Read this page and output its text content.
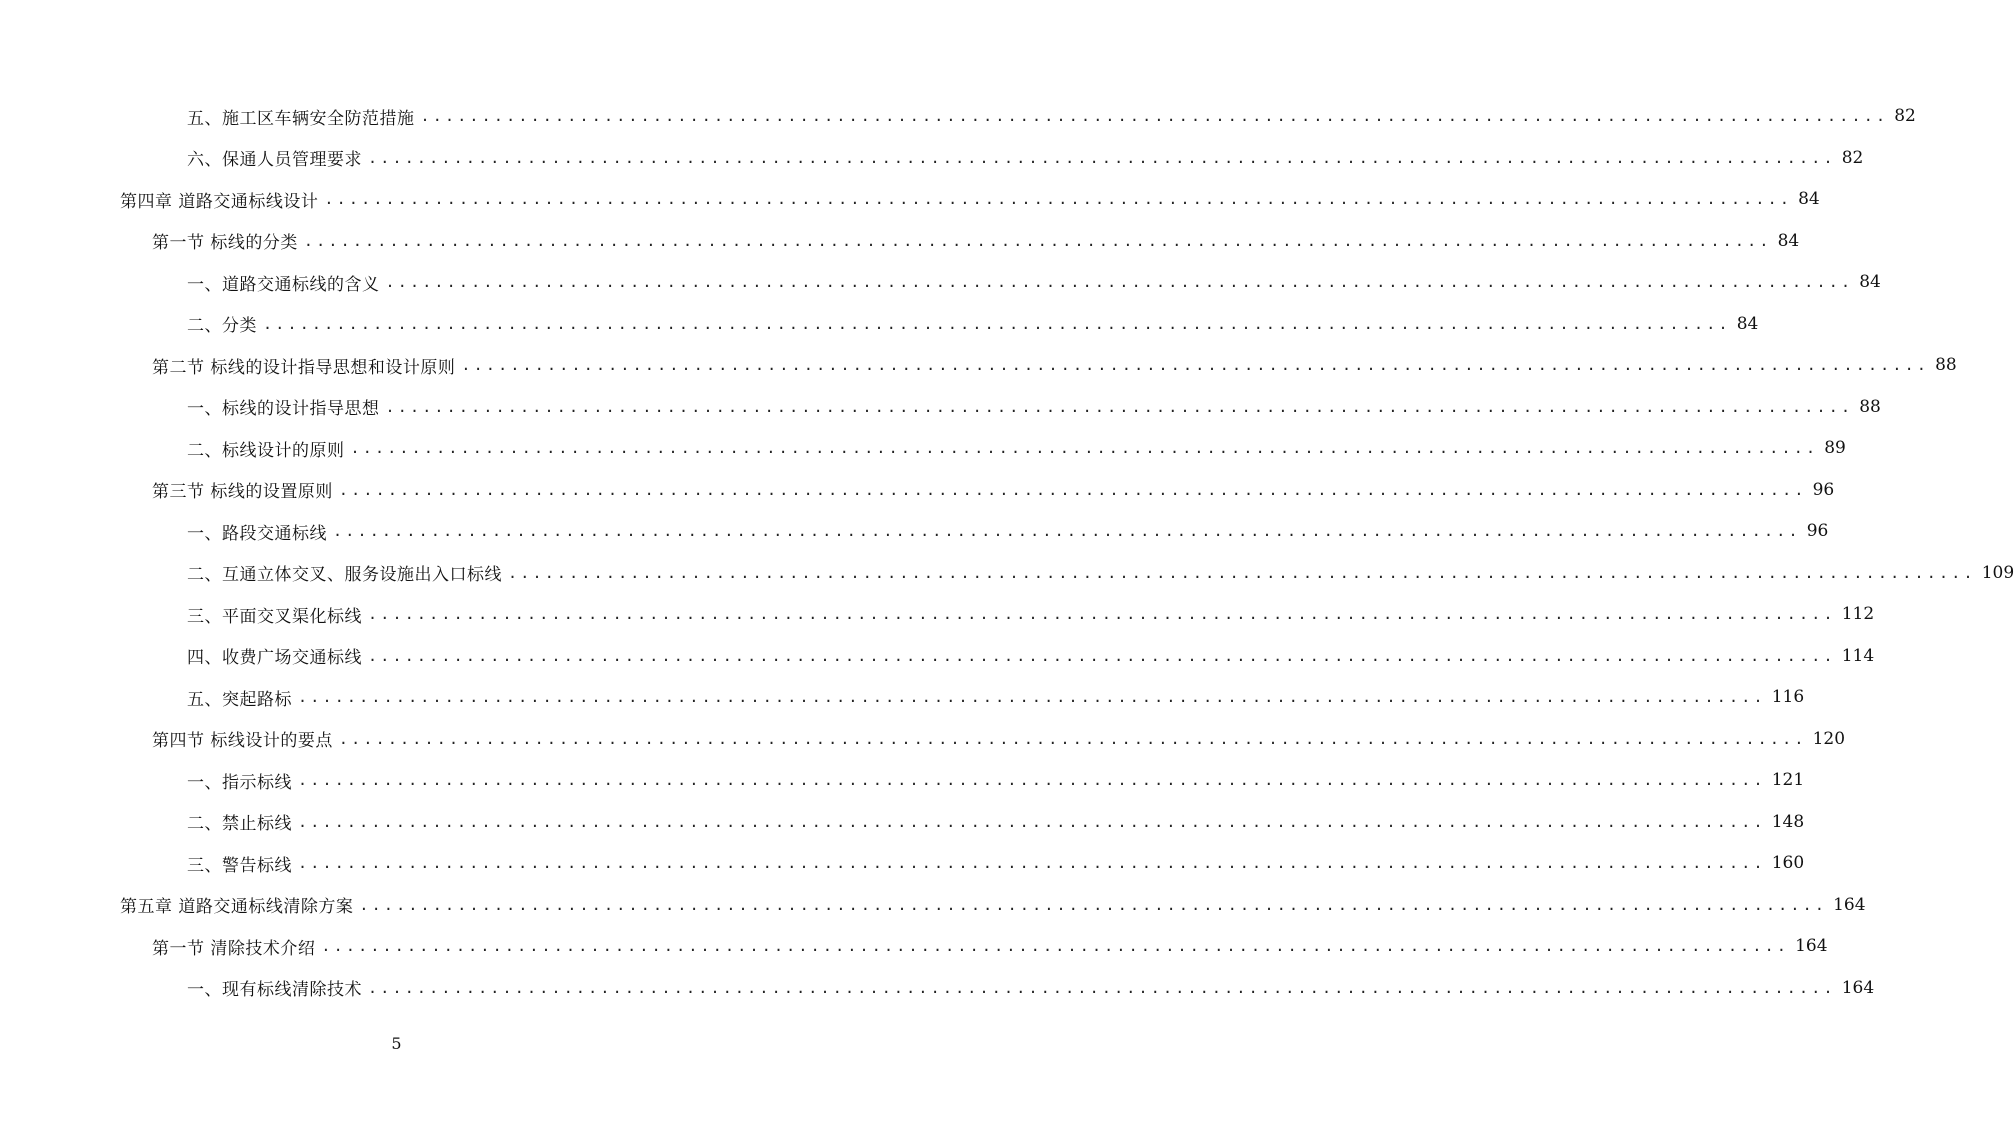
五、施工区车辆安全防范措施 ........................................................................................................................ 82
六、保通人员管理要求 ........................................................................................................................ 82
第四章 道路交通标线设计 ........................................................................................................................ 84
第一节 标线的分类 ........................................................................................................................ 84
一、道路交通标线的含义 ........................................................................................................................ 84
二、分类 ........................................................................................................................ 84
第二节 标线的设计指导思想和设计原则 ........................................................................................................................ 88
一、标线的设计指导思想 ........................................................................................................................ 88
二、标线设计的原则 ........................................................................................................................ 89
第三节 标线的设置原则 ........................................................................................................................ 96
一、路段交通标线 ........................................................................................................................ 96
二、互通立体交叉、服务设施出入口标线 ........................................................................................................................ 109
三、平面交叉渠化标线 ........................................................................................................................ 112
四、收费广场交通标线 ........................................................................................................................ 114
五、突起路标 ........................................................................................................................ 116
第四节 标线设计的要点 ........................................................................................................................ 120
一、指示标线 ........................................................................................................................ 121
二、禁止标线 ........................................................................................................................ 148
三、警告标线 ........................................................................................................................ 160
第五章 道路交通标线清除方案 ........................................................................................................................ 164
第一节 清除技术介绍 ........................................................................................................................ 164
一、现有标线清除技术 ........................................................................................................................ 164
5
